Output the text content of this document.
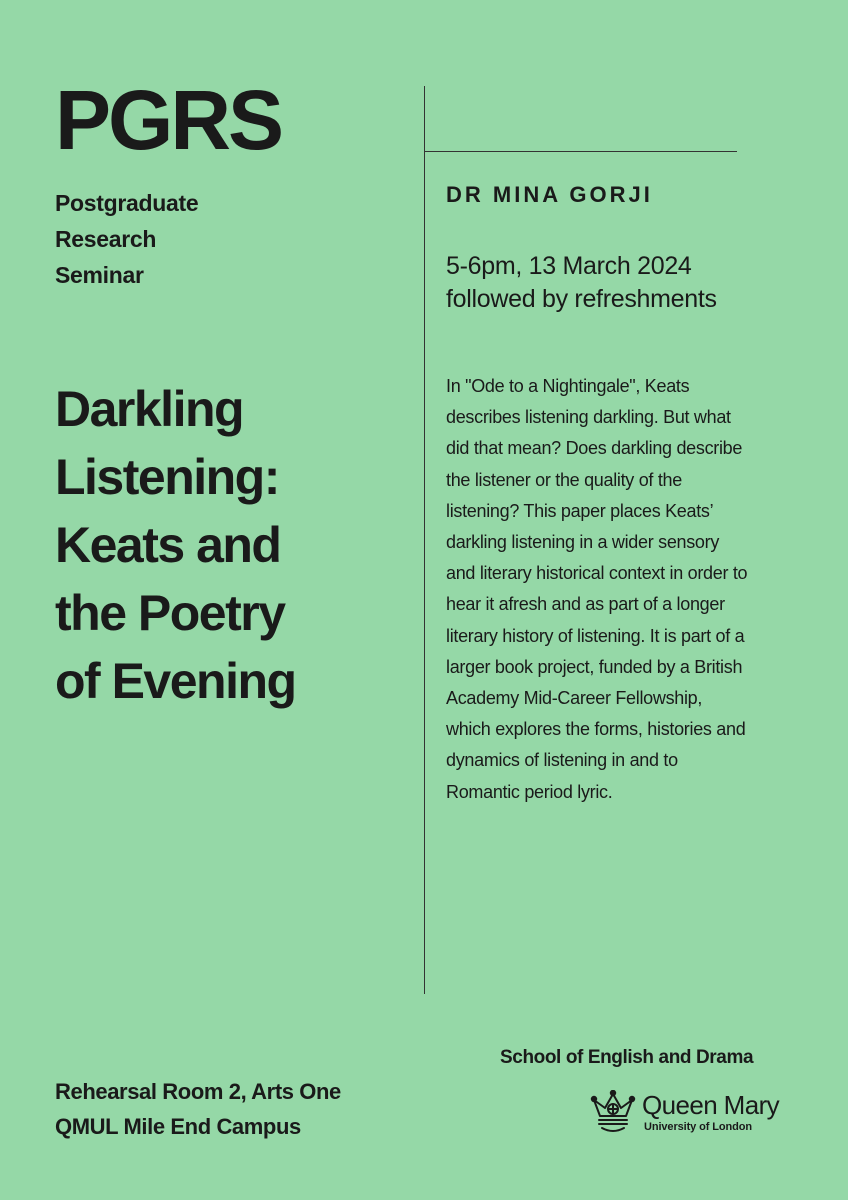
PGRS
Postgraduate
Research
Seminar
Darkling
Listening:
Keats and
the Poetry
of Evening
DR MINA GORJI
5-6pm, 13 March 2024
followed by refreshments
In "Ode to a Nightingale", Keats
describes listening darkling. But what
did that mean? Does darkling describe
the listener or the quality of the
listening? This paper places Keats’
darkling listening in a wider sensory
and literary historical context in order to
hear it afresh and as part of a longer
literary history of listening. It is part of a
larger book project, funded by a British
Academy Mid-Career Fellowship,
which explores the forms, histories and
dynamics of listening in and to
Romantic period lyric.
Rehearsal Room 2, Arts One
QMUL Mile End Campus
School of English and Drama
Queen Mary
University of London
